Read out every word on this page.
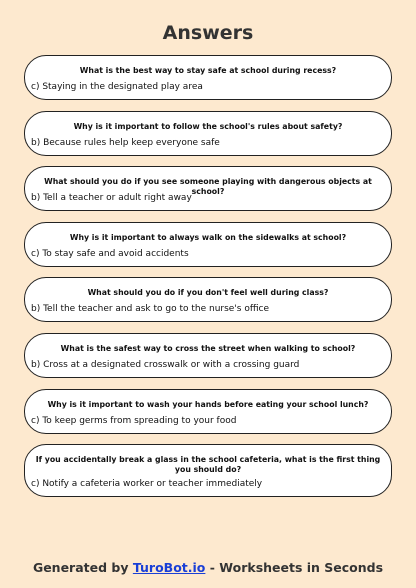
Answers
What is the best way to stay safe at school during recess?
c) Staying in the designated play area
Why is it important to follow the school's rules about safety?
b) Because rules help keep everyone safe
What should you do if you see someone playing with dangerous objects at school?
b) Tell a teacher or adult right away
Why is it important to always walk on the sidewalks at school?
c) To stay safe and avoid accidents
What should you do if you don't feel well during class?
b) Tell the teacher and ask to go to the nurse's office
What is the safest way to cross the street when walking to school?
b) Cross at a designated crosswalk or with a crossing guard
Why is it important to wash your hands before eating your school lunch?
c) To keep germs from spreading to your food
If you accidentally break a glass in the school cafeteria, what is the first thing you should do?
c) Notify a cafeteria worker or teacher immediately
Generated by TuroBot.io - Worksheets in Seconds
